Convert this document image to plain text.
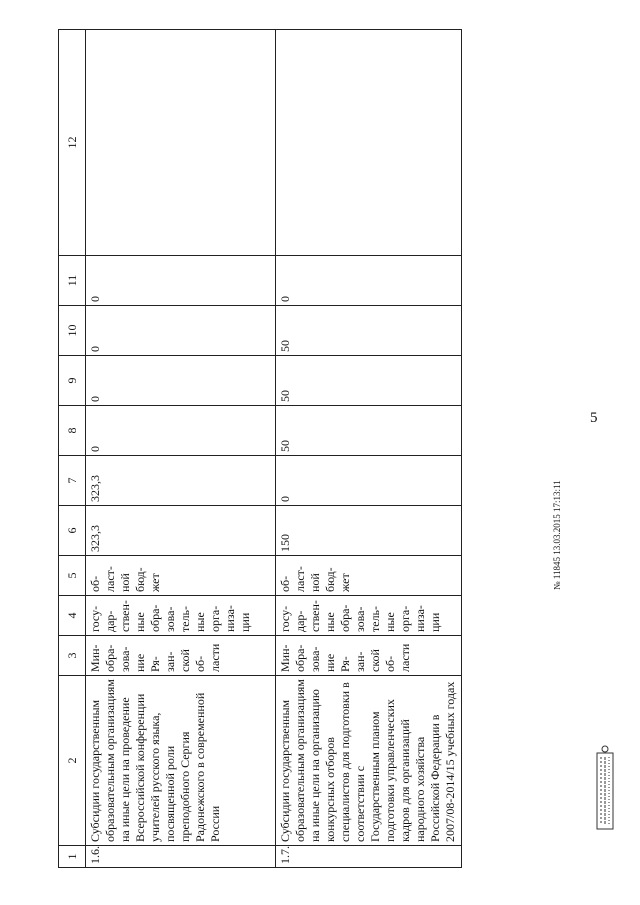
5
1	2	3	4	5	6	7	8	9	10	11	12
1.6.	Субсидии государственным образовательным организациям на иные цели на проведение Всероссийской конференции учителей русского языка, посвященной роли преподобного Сергия Радонежского в современной России	Мин-обра-зова-ние Ря-зан-ской об-ласти	госу-дар-ствен-ные обра-зова-тель-ные орга-низа-ции	об-ласт-ной бюд-жет	323,3	323,3	0	0	0	0	
1.7.	Субсидии государственным образовательным организациям на иные цели на организацию конкурсных отборов специалистов для подготовки в соответствии с Государственным планом подготовки управленческих кадров для организаций народного хозяйства Российской Федерации в 2007/08-2014/15 учебных годах	Мин-обра-зова-ние Ря-зан-ской об-ласти	госу-дар-ствен-ные обра-зова-тель-ные орга-низа-ции	об-ласт-ной бюд-жет	150	0	50	50	50	0	
№ 11845 13.03.2015 17:13:11
